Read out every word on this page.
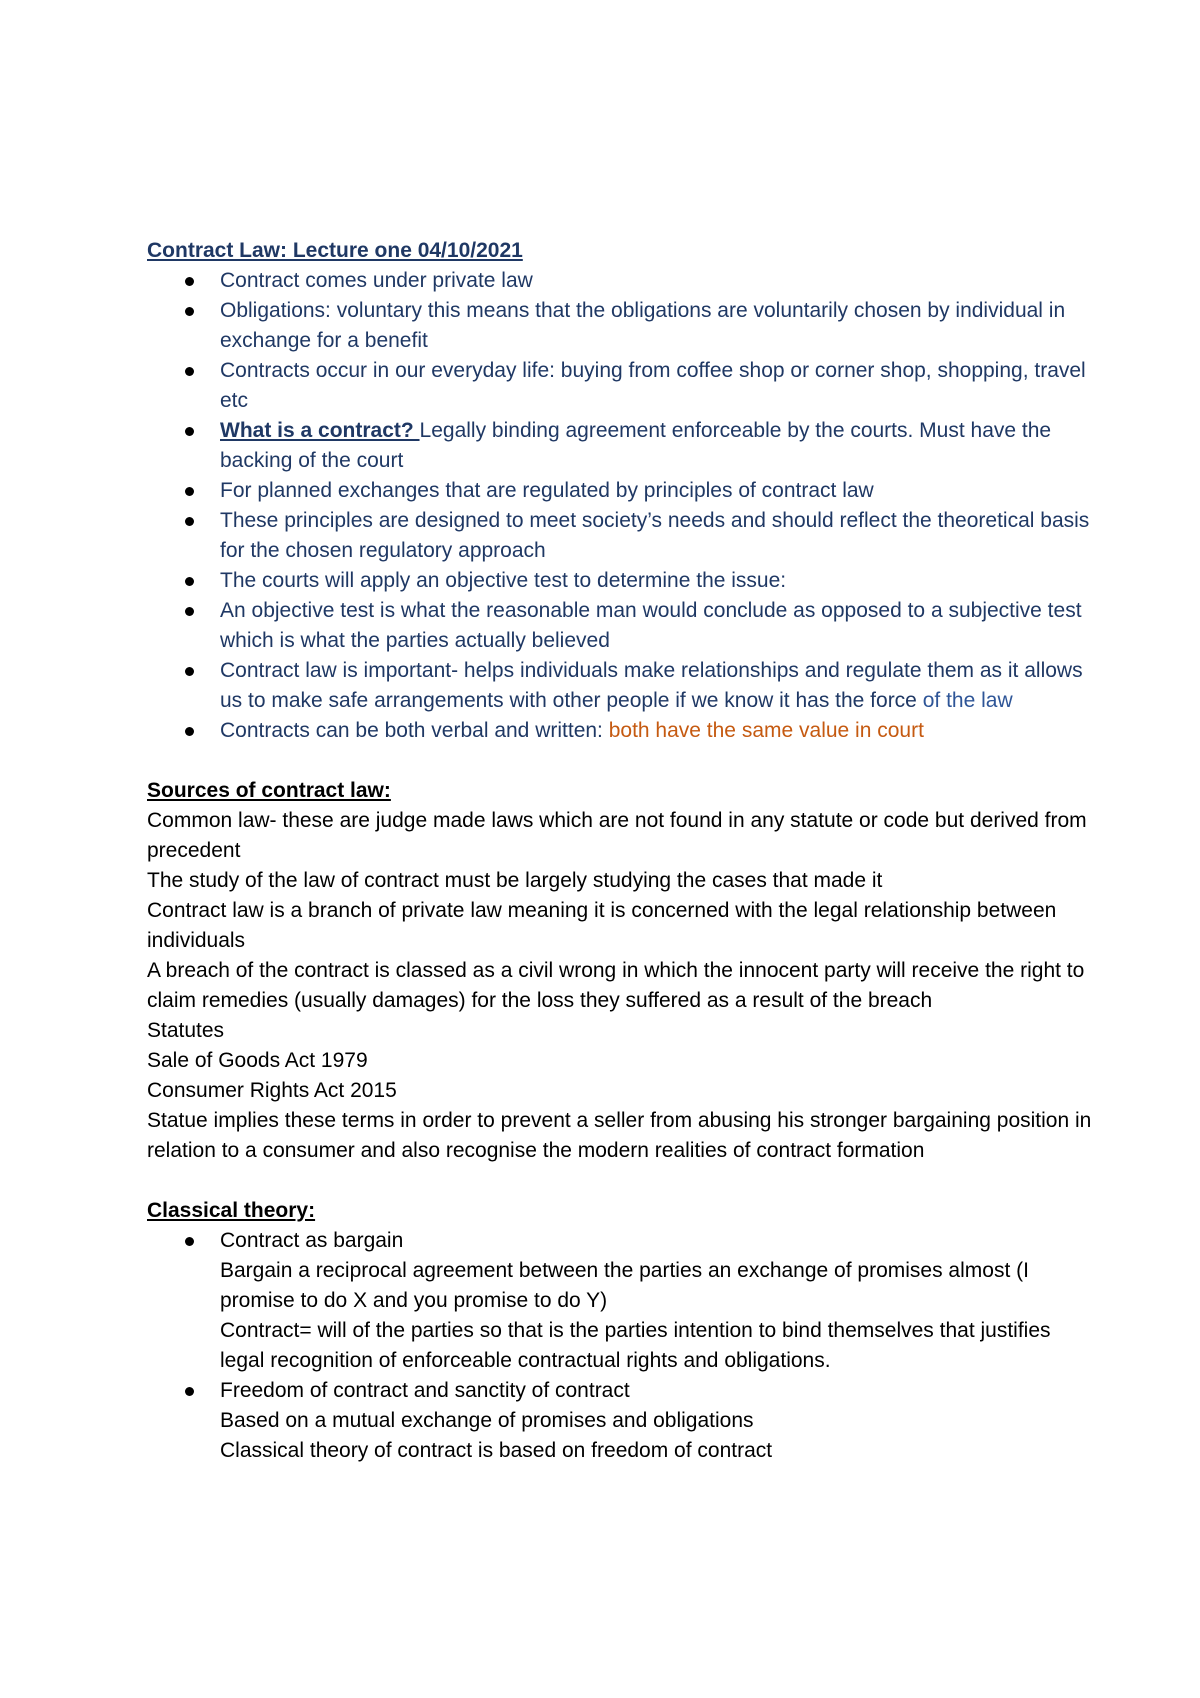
Contract Law: Lecture one 04/10/2021
Contract comes under private law
Obligations: voluntary this means that the obligations are voluntarily chosen by individual in exchange for a benefit
Contracts occur in our everyday life: buying from coffee shop or corner shop, shopping, travel etc
What is a contract? Legally binding agreement enforceable by the courts. Must have the backing of the court
For planned exchanges that are regulated by principles of contract law
These principles are designed to meet society’s needs and should reflect the theoretical basis for the chosen regulatory approach
The courts will apply an objective test to determine the issue:
An objective test is what the reasonable man would conclude as opposed to a subjective test which is what the parties actually believed
Contract law is important- helps individuals make relationships and regulate them as it allows us to make safe arrangements with other people if we know it has the force of the law
Contracts can be both verbal and written: both have the same value in court
Sources of contract law:
Common law- these are judge made laws which are not found in any statute or code but derived from precedent
The study of the law of contract must be largely studying the cases that made it
Contract law is a branch of private law meaning it is concerned with the legal relationship between individuals
A breach of the contract is classed as a civil wrong in which the innocent party will receive the right to claim remedies (usually damages) for the loss they suffered as a result of the breach
Statutes
Sale of Goods Act 1979
Consumer Rights Act 2015
Statue implies these terms in order to prevent a seller from abusing his stronger bargaining position in relation to a consumer and also recognise the modern realities of contract formation
Classical theory:
Contract as bargain
Bargain a reciprocal agreement between the parties an exchange of promises almost (I promise to do X and you promise to do Y)
Contract= will of the parties so that is the parties intention to bind themselves that justifies legal recognition of enforceable contractual rights and obligations.
Freedom of contract and sanctity of contract
Based on a mutual exchange of promises and obligations
Classical theory of contract is based on freedom of contract
